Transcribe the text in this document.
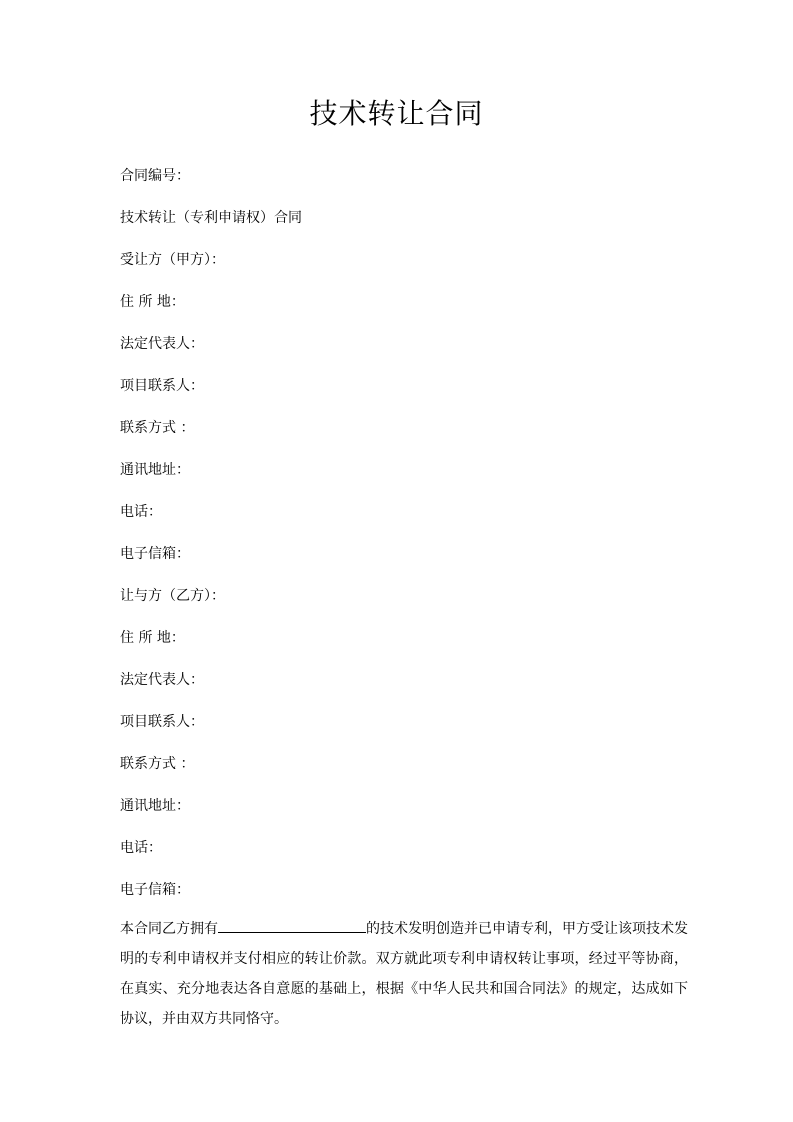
技术转让合同
合同编号：
技术转让（专利申请权）合同
受让方（甲方）：
住 所 地：
法定代表人：
项目联系人：
联系方式 ：
通讯地址：
电话：
电子信箱：
让与方（乙方）：
住 所 地：
法定代表人：
项目联系人：
联系方式 ：
通讯地址：
电话：
电子信箱：

本合同乙方拥有	的技术发明创造并已申请专利，甲方受让该项技术发明的专利申请权并支付相应的转让价款。双方就此项专利申请权转让事项，经过平等协商，在真实、充分地表达各自意愿的基础上，根据《中华人民共和国合同法》的规定，达成如下协议，并由双方共同恪守。
